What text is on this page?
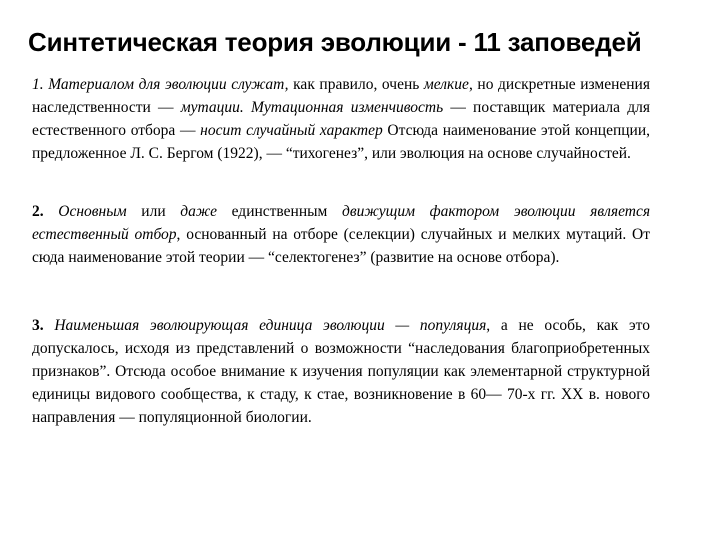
Синтетическая теория эволюции - 11 заповедей
1. Материалом для эволюции служат, как правило, очень мелкие, но дискретные изменения наследственности — мутации. Мутационная изменчивость — поставщик материала для естественного отбора — носит случайный характер Отсюда наименование этой концепции, предложенное Л. С. Бергом (1922), — “тихогенез”, или эволюция на основе случайностей.
2. Основным или даже единственным движущим фактором эволюции является естественный отбор, основанный на отборе (селекции) случайных и мелких мутаций. От сюда наименование этой теории — “селектогенез” (развитие на основе отбора).
3. Наименьшая эволюирующая единица эволюции — популяция, а не особь, как это допускалось, исходя из представлений о возможности “наследования благоприобретенных признаков”. Отсюда особое внимание к изучения популяции как элементарной структурной единицы видового сообщества, к стаду, к стае, возникновение в 60— 70-х гг. XX в. нового направления — популяционной биологии.
